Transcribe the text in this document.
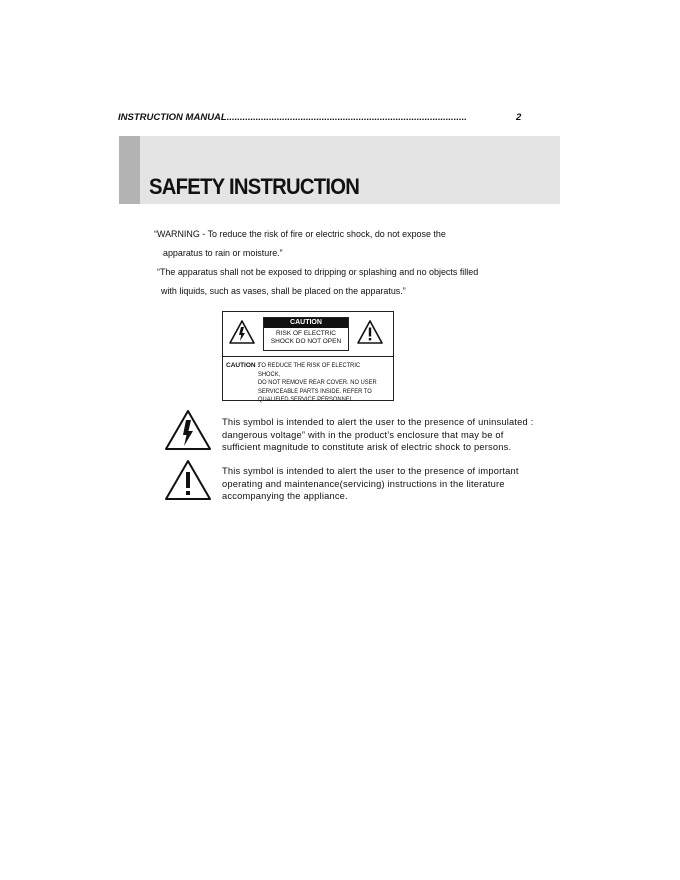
INSTRUCTION MANUAL...........................................................................................	2
SAFETY INSTRUCTION
“WARNING - To reduce the risk of fire or electric shock, do not expose the
apparatus to rain or moisture.”
“The apparatus shall not be exposed to dripping or splashing and no objects filled
with liquids, such as vases, shall be placed on the apparatus.”
CAUTION
RISK OF ELECTRIC
SHOCK DO NOT OPEN
CAUTION :
TO REDUCE THE RISK OF ELECTRIC SHOCK,
DO NOT REMOVE REAR COVER. NO USER
SERVICEABLE PARTS INSIDE. REFER TO
QUALIFIED SERVICE PERSONNEL.
This symbol is intended to alert the user to the presence of uninsulated :
dangerous voltage” with in the product’s enclosure that may be of
sufficient magnitude to constitute arisk of electric shock to persons.
This symbol is intended to alert the user to the presence of important
operating and maintenance(servicing) instructions in the literature
accompanying the appliance.
